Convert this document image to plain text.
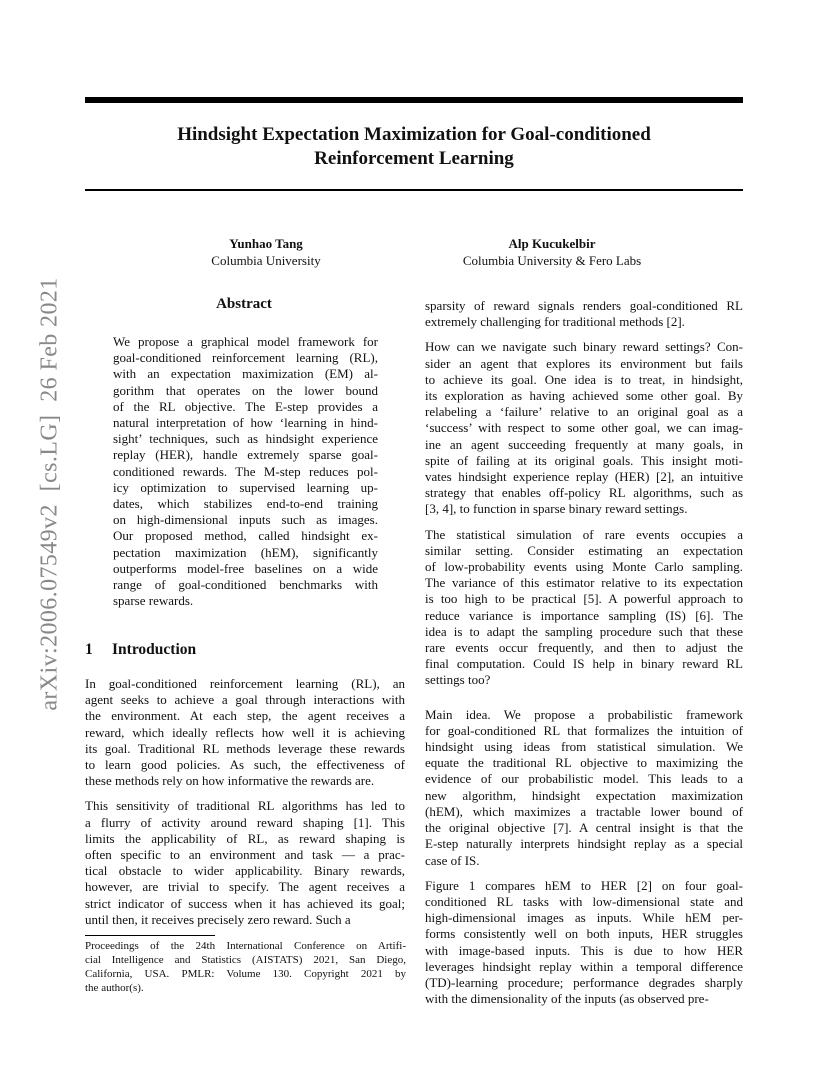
Hindsight Expectation Maximization for Goal-conditioned
Reinforcement Learning
Yunhao Tang
Columbia University
Alp Kucukelbir
Columbia University & Fero Labs
arXiv:2006.07549v2  [cs.LG]  26 Feb 2021	Abstract
We propose a graphical model framework for
goal-conditioned reinforcement learning (RL),
with an expectation maximization (EM) al-
gorithm that operates on the lower bound
of the RL objective. The E-step provides a
natural interpretation of how ‘learning in hind-
sight’ techniques, such as hindsight experience
replay (HER), handle extremely sparse goal-
conditioned rewards. The M-step reduces pol-
icy optimization to supervised learning up-
dates, which stabilizes end-to-end training
on high-dimensional inputs such as images.
Our proposed method, called hindsight ex-
pectation maximization (hEM), significantly
outperforms model-free baselines on a wide
range of goal-conditioned benchmarks with
sparse rewards.
1 Introduction
In goal-conditioned reinforcement learning (RL), an
agent seeks to achieve a goal through interactions with
the environment. At each step, the agent receives a
reward, which ideally reflects how well it is achieving
its goal. Traditional RL methods leverage these rewards
to learn good policies. As such, the effectiveness of
these methods rely on how informative the rewards are.
This sensitivity of traditional RL algorithms has led to
a flurry of activity around reward shaping [1]. This
limits the applicability of RL, as reward shaping is
often specific to an environment and task — a prac-
tical obstacle to wider applicability. Binary rewards,
however, are trivial to specify. The agent receives a
strict indicator of success when it has achieved its goal;
until then, it receives precisely zero reward. Such a
Proceedings of the 24th International Conference on Artifi-
cial Intelligence and Statistics (AISTATS) 2021, San Diego,
California, USA. PMLR: Volume 130. Copyright 2021 by
the author(s).
sparsity of reward signals renders goal-conditioned RL
extremely challenging for traditional methods [2].
How can we navigate such binary reward settings? Con-
sider an agent that explores its environment but fails
to achieve its goal. One idea is to treat, in hindsight,
its exploration as having achieved some other goal. By
relabeling a ‘failure’ relative to an original goal as a
‘success’ with respect to some other goal, we can imag-
ine an agent succeeding frequently at many goals, in
spite of failing at its original goals. This insight moti-
vates hindsight experience replay (HER) [2], an intuitive
strategy that enables off-policy RL algorithms, such as
[3, 4], to function in sparse binary reward settings.
The statistical simulation of rare events occupies a
similar setting. Consider estimating an expectation
of low-probability events using Monte Carlo sampling.
The variance of this estimator relative to its expectation
is too high to be practical [5]. A powerful approach to
reduce variance is importance sampling (IS) [6]. The
idea is to adapt the sampling procedure such that these
rare events occur frequently, and then to adjust the
final computation. Could IS help in binary reward RL
settings too?
Main idea. We propose a probabilistic framework
for goal-conditioned RL that formalizes the intuition of
hindsight using ideas from statistical simulation. We
equate the traditional RL objective to maximizing the
evidence of our probabilistic model. This leads to a
new algorithm, hindsight expectation maximization
(hEM), which maximizes a tractable lower bound of
the original objective [7]. A central insight is that the
E-step naturally interprets hindsight replay as a special
case of IS.
Figure 1 compares hEM to HER [2] on four goal-
conditioned RL tasks with low-dimensional state and
high-dimensional images as inputs. While hEM per-
forms consistently well on both inputs, HER struggles
with image-based inputs. This is due to how HER
leverages hindsight replay within a temporal difference
(TD)-learning procedure; performance degrades sharply
with the dimensionality of the inputs (as observed pre-
